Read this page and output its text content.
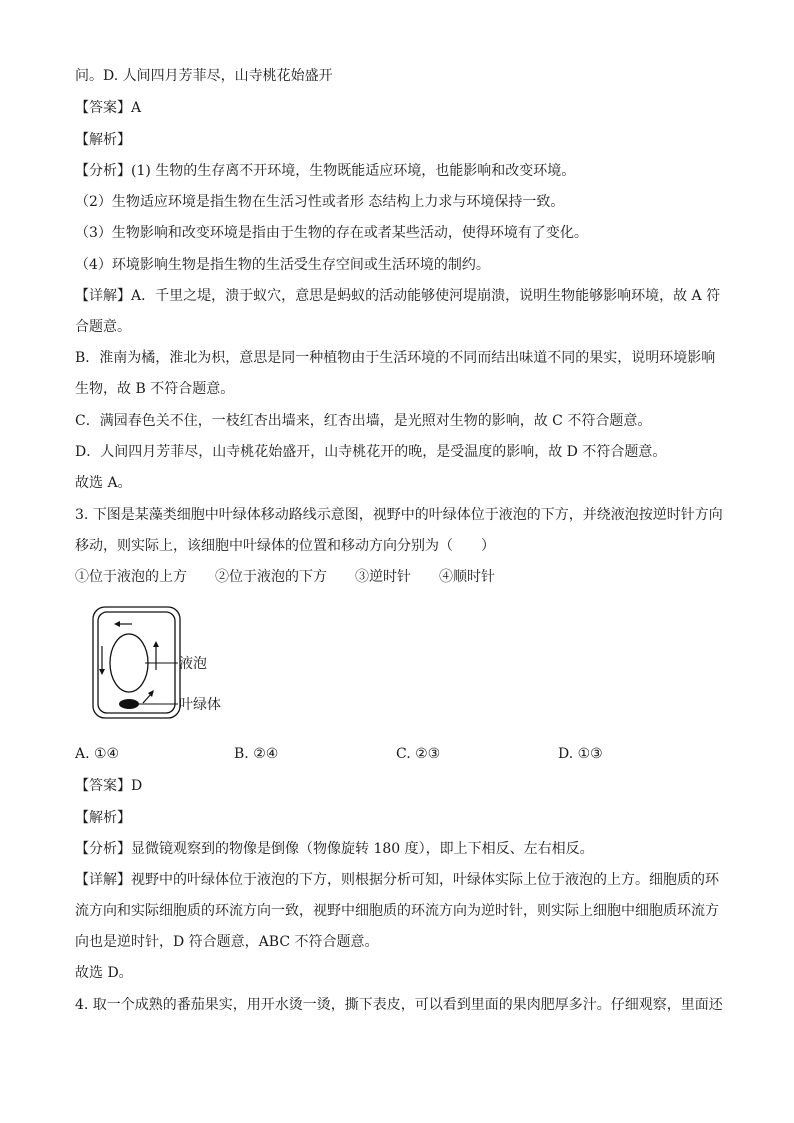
问。D. 人间四月芳菲尽，山寺桃花始盛开
【答案】A
【解析】
【分析】(1) 生物的生存离不开环境，生物既能适应环境，也能影响和改变环境。
（2）生物适应环境是指生物在生活习性或者形 态结构上力求与环境保持一致。
（3）生物影响和改变环境是指由于生物的存在或者某些活动，使得环境有了变化。
（4）环境影响生物是指生物的生活受生存空间或生活环境的制约。
【详解】A．千里之堤，溃于蚁穴，意思是蚂蚁的活动能够使河堤崩溃，说明生物能够影响环境，故 A 符
合题意。
B．淮南为橘，淮北为枳，意思是同一种植物由于生活环境的不同而结出味道不同的果实，说明环境影响
生物，故 B 不符合题意。
C．满园春色关不住，一枝红杏出墙来，红杏出墙，是光照对生物的影响，故 C 不符合题意。
D．人间四月芳菲尽，山寺桃花始盛开，山寺桃花开的晚，是受温度的影响，故 D 不符合题意。
故选 A。
3. 下图是某藻类细胞中叶绿体移动路线示意图，视野中的叶绿体位于液泡的下方，并绕液泡按逆时针方向
移动，则实际上，该细胞中叶绿体的位置和移动方向分别为（　　）
①位于液泡的上方　　②位于液泡的下方　　③逆时针　　④顺时针
液泡
叶绿体
A. ①④	B. ②④	C. ②③	D. ①③
【答案】D
【解析】
【分析】显微镜观察到的物像是倒像（物像旋转 180 度），即上下相反、左右相反。
【详解】视野中的叶绿体位于液泡的下方，则根据分析可知，叶绿体实际上位于液泡的上方。细胞质的环
流方向和实际细胞质的环流方向一致，视野中细胞质的环流方向为逆时针，则实际上细胞中细胞质环流方
向也是逆时针，D 符合题意，ABC 不符合题意。
故选 D。
4. 取一个成熟的番茄果实，用开水烫一烫，撕下表皮，可以看到里面的果肉肥厚多汁。仔细观察，里面还
